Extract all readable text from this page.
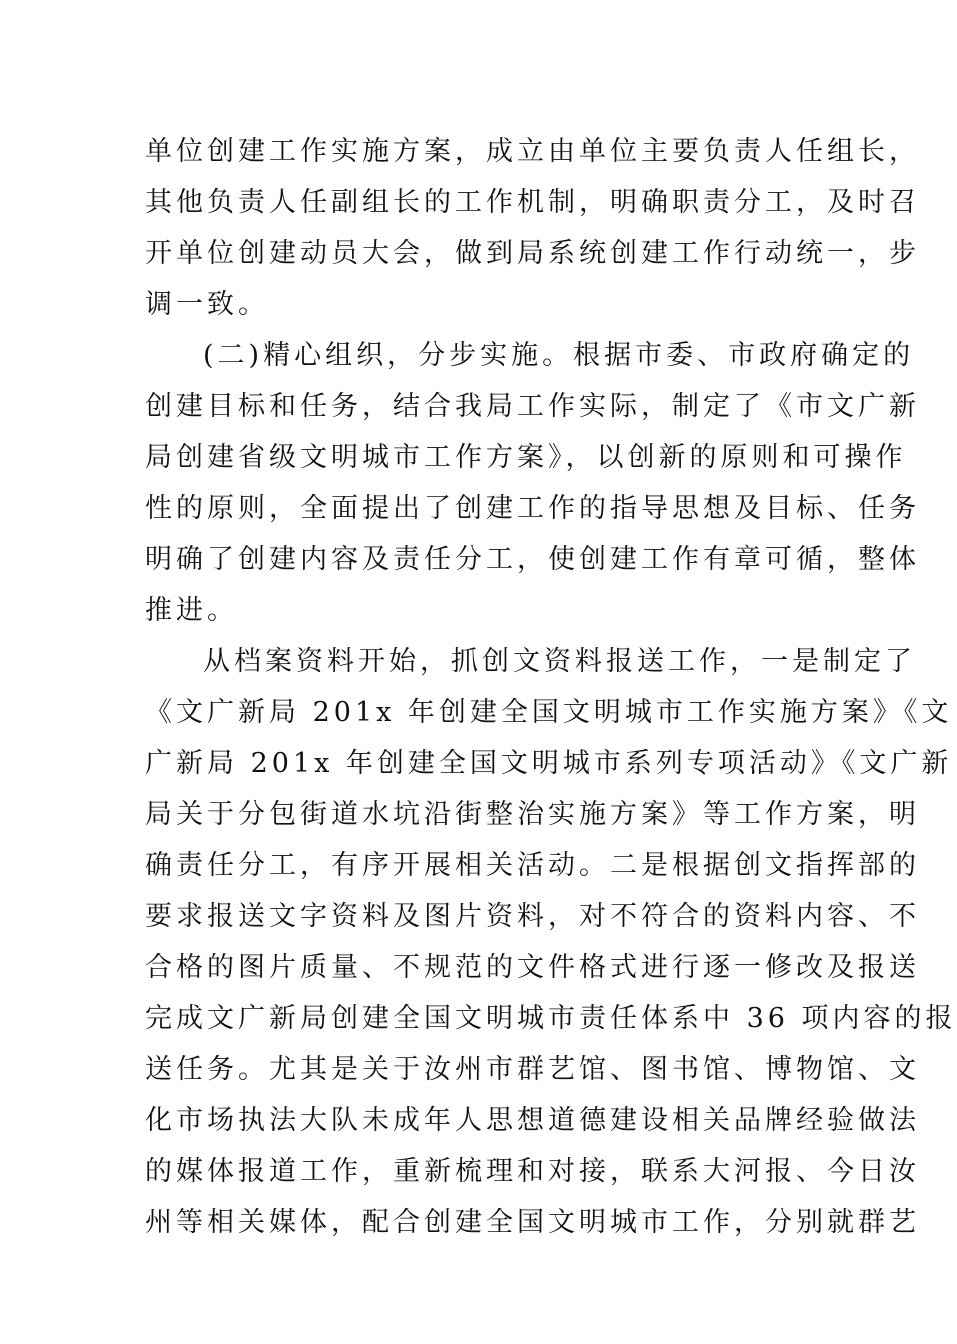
单位创建工作实施方案，成立由单位主要负责人任组长，
其他负责人任副组长的工作机制，明确职责分工，及时召
开单位创建动员大会，做到局系统创建工作行动统一，步
调一致。
(二)精心组织，分步实施。根据市委、市政府确定的
创建目标和任务，结合我局工作实际，制定了《市文广新
局创建省级文明城市工作方案》，以创新的原则和可操作
性的原则，全面提出了创建工作的指导思想及目标、任务
明确了创建内容及责任分工，使创建工作有章可循，整体
推进。
从档案资料开始，抓创文资料报送工作，一是制定了
《文广新局 201x 年创建全国文明城市工作实施方案》《文
广新局 201x 年创建全国文明城市系列专项活动》《文广新
局关于分包街道水坑沿街整治实施方案》等工作方案，明
确责任分工，有序开展相关活动。二是根据创文指挥部的
要求报送文字资料及图片资料，对不符合的资料内容、不
合格的图片质量、不规范的文件格式进行逐一修改及报送
完成文广新局创建全国文明城市责任体系中 36 项内容的报
送任务。尤其是关于汝州市群艺馆、图书馆、博物馆、文
化市场执法大队未成年人思想道德建设相关品牌经验做法
的媒体报道工作，重新梳理和对接，联系大河报、今日汝
州等相关媒体，配合创建全国文明城市工作，分别就群艺
